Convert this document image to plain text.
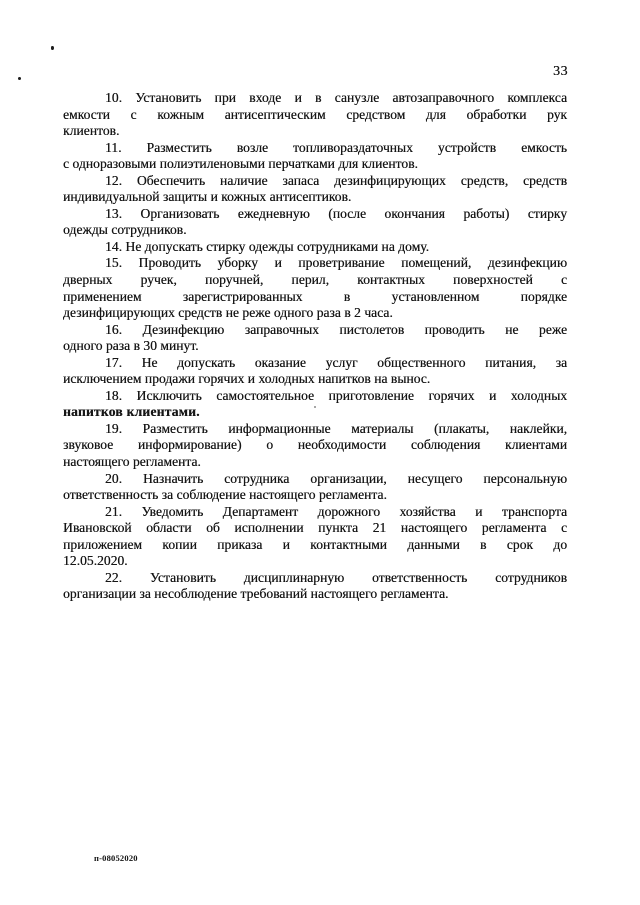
33

10. Установить при входе и в санузле автозаправочного комплекса
емкости с кожным антисептическим средством для обработки рук
клиентов.

11. Разместить возле топливораздаточных устройств емкость
с одноразовыми полиэтиленовыми перчатками для клиентов.

12. Обеспечить наличие запаса дезинфицирующих средств, средств
индивидуальной защиты и кожных антисептиков.

13. Организовать ежедневную (после окончания работы) стирку
одежды сотрудников.

14. Не допускать стирку одежды сотрудниками на дому.

15. Проводить уборку и проветривание помещений, дезинфекцию
дверных ручек, поручней, перил, контактных поверхностей с
применением зарегистрированных в установленном порядке
дезинфицирующих средств не реже одного раза в 2 часа.

16. Дезинфекцию заправочных пистолетов проводить не реже
одного раза в 30 минут.

17. Не допускать оказание услуг общественного питания, за
исключением продажи горячих и холодных напитков на вынос.

18. Исключить самостоятельное приготовление горячих и холодных
напитков клиентами.

19. Разместить информационные материалы (плакаты, наклейки,
звуковое информирование) о необходимости соблюдения клиентами
настоящего регламента.

20. Назначить сотрудника организации, несущего персональную
ответственность за соблюдение настоящего регламента.

21. Уведомить Департамент дорожного хозяйства и транспорта
Ивановской области об исполнении пункта 21 настоящего регламента с
приложением копии приказа и контактными данными в срок до
12.05.2020.

22. Установить дисциплинарную ответственность сотрудников
организации за несоблюдение требований настоящего регламента.

п-08052020
